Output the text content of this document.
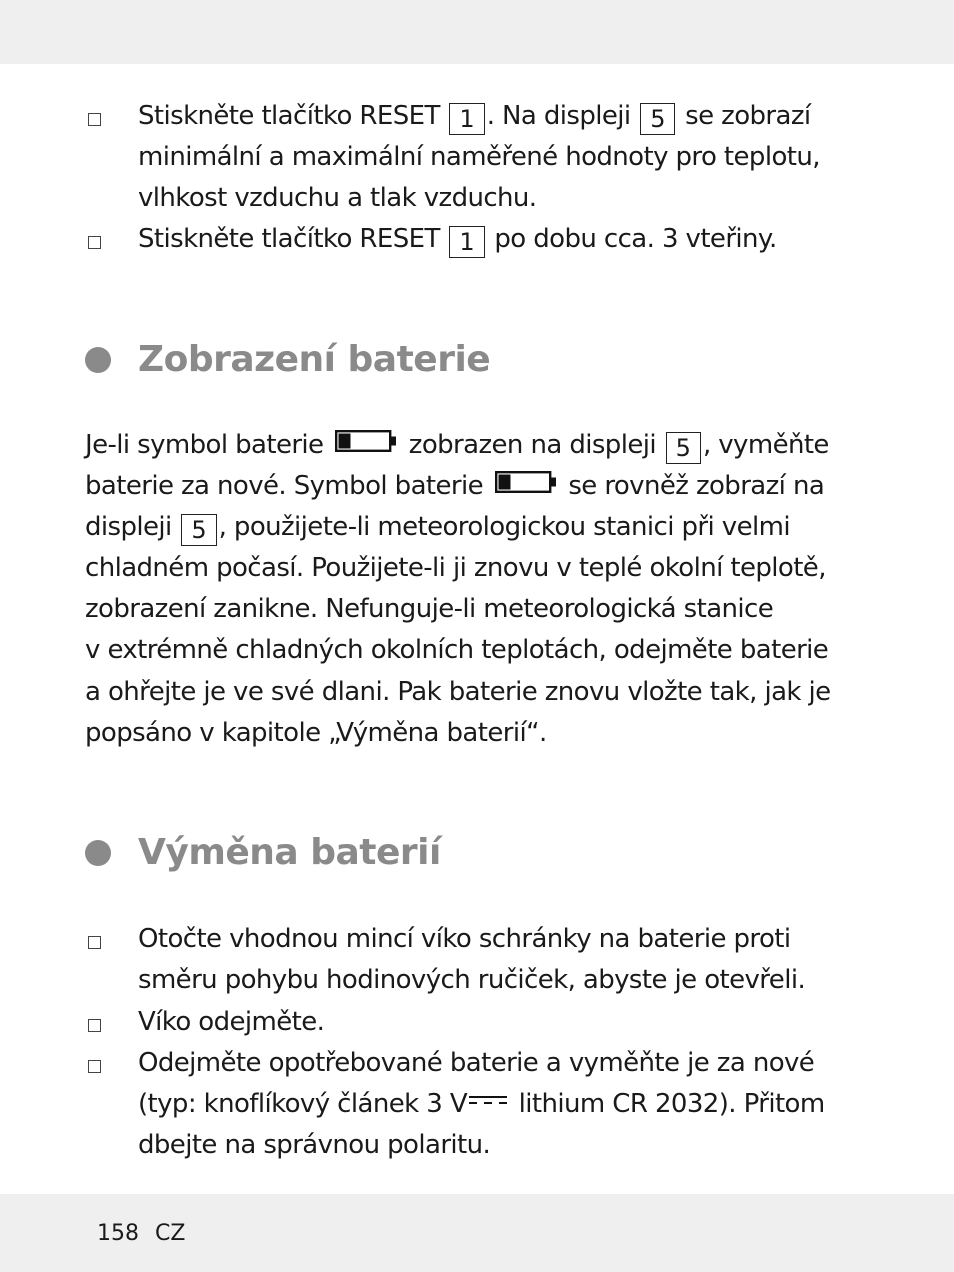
Stiskněte tlačítko RESET 1 . Na displeji 5 se zobrazí
minimální a maximální naměřené hodnoty pro teplotu,
vlhkost vzduchu a tlak vzduchu.
Stiskněte tlačítko RESET 1 po dobu cca. 3 vteřiny.
Zobrazení baterie
Je-li symbol baterie	zobrazen na displeji 5 , vyměňte
baterie za nové. Symbol baterie	se rovněž zobrazí na
displeji 5 , použijete-li meteorologickou stanici při velmi
chladném počasí. Použijete-li ji znovu v teplé okolní teplotě,
zobrazení zanikne. Nefunguje-li meteorologická stanice
v extrémně chladných okolních teplotách, odejměte baterie
a ohřejte je ve své dlani. Pak baterie znovu vložte tak, jak je
popsáno v kapitole „Výměna baterií“.
Výměna baterií
Otočte vhodnou mincí víko schránky na baterie proti
směru pohybu hodinových ručiček, abyste je otevřeli.
Víko odejměte.
Odejměte opotřebované baterie a vyměňte je za nové
(typ: knoflíkový článek 3 V lithium CR 2032). Přitom
dbejte na správnou polaritu.
158 CZ
